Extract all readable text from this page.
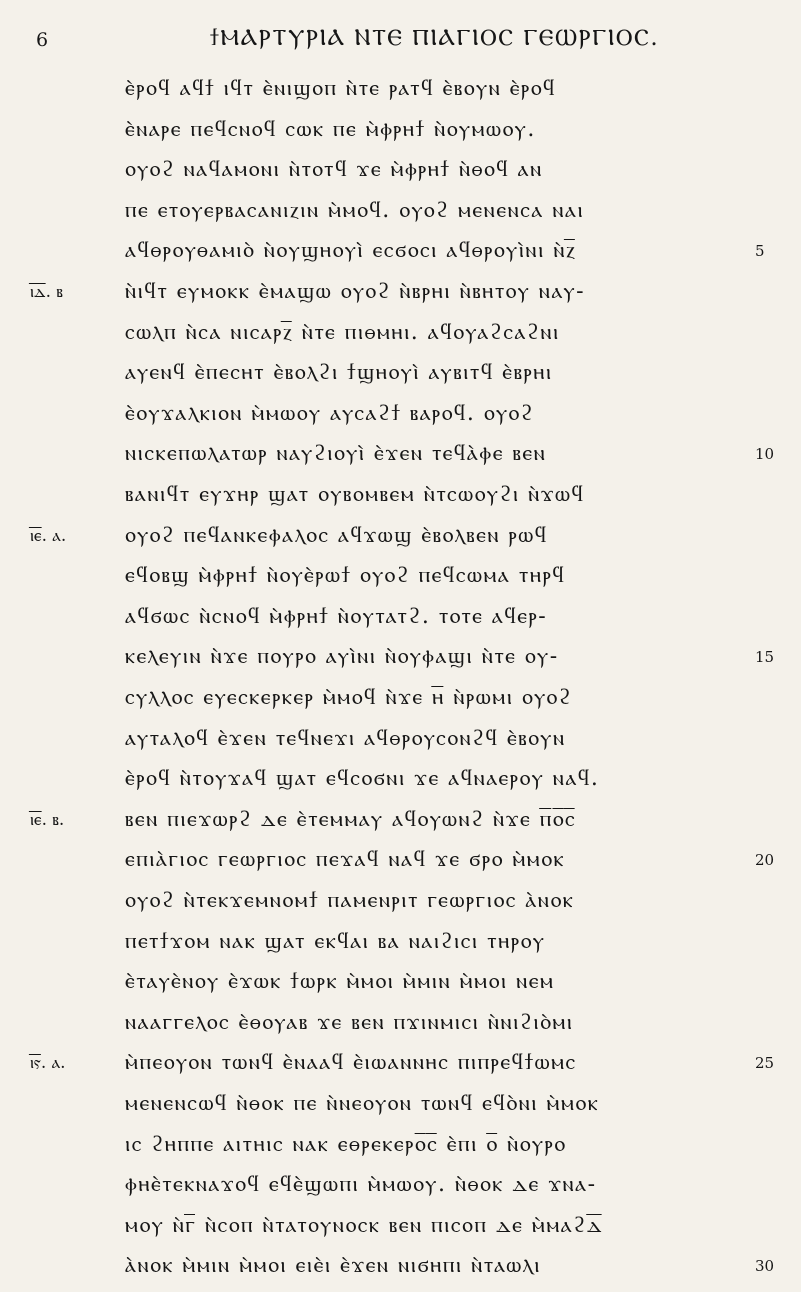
6	ϯⲘⲀⲢⲦⲨⲢⲒⲀ ⲚⲦⲈ ⲠⲒⲀⲄⲒⲞⲤ ⲄⲈⲰⲢⲄⲒⲞⲤ.
ⲉ̀ⲣⲟϥ ⲁϥϯ ⲓϥⲧ ⲉ̀ⲛⲓϣⲟⲡ ⲛ̀ⲧⲉ ⲣⲁⲧϥ ⲉ̀ⲃⲟⲩⲛ ⲉ̀ⲣⲟϥ
ⲉ̀ⲛⲁⲣⲉ ⲡⲉϥⲥⲛⲟϥ ⲥⲱⲕ ⲡⲉ ⲙ̀ⲫⲣⲏϯ ⲛ̀ⲟⲩⲙⲱⲟⲩ.
ⲟⲩⲟϩ ⲛⲁϥⲁⲙⲟⲛⲓ ⲛ̀ⲧⲟⲧϥ ϫⲉ ⲙ̀ⲫⲣⲏϯ ⲛ̀ⲑⲟϥ ⲁⲛ
ⲡⲉ ⲉⲧⲟⲩⲉⲣⲃⲁⲥⲁⲛⲓⲍⲓⲛ ⲙ̀ⲙⲟϥ. ⲟⲩⲟϩ ⲙⲉⲛⲉⲛⲥⲁ ⲛⲁⲓ
ⲁϥⲑⲣⲟⲩⲑⲁⲙⲓⲟ̀ ⲛ̀ⲟⲩϣⲏⲟⲩⲓ̀ ⲉⲥϭⲟⲥⲓ ⲁϥⲑⲣⲟⲩⲓ̀ⲛⲓ ⲛ̀ⲍ̅	5
ⲓ̅ⲇ̅. ⲃ	ⲛ̀ⲓϥⲧ ⲉⲩⲙⲟⲕⲕ ⲉ̀ⲙⲁϣⲱ ⲟⲩⲟϩ ⲛ̀ⲃⲣⲏⲓ ⲛ̀ⲃⲏⲧⲟⲩ ⲛⲁⲩ-
ⲥⲱⲗⲡ ⲛ̀ⲥⲁ ⲛⲓⲥⲁⲣⲍ̅ ⲛ̀ⲧⲉ ⲡⲓⲑⲙⲏⲓ. ⲁϥⲟⲩⲁϩⲥⲁϩⲛⲓ
ⲁⲩⲉⲛϥ ⲉ̀ⲡⲉⲥⲏⲧ ⲉ̀ⲃⲟⲗϩⲓ ϯϣⲏⲟⲩⲓ̀ ⲁⲩⲃⲓⲧϥ ⲉ̀ⲃⲣⲏⲓ
ⲉ̀ⲟⲩϫⲁⲗⲕⲓⲟⲛ ⲙ̀ⲙⲱⲟⲩ ⲁⲩⲥⲁϩϯ ⲃⲁⲣⲟϥ. ⲟⲩⲟϩ
ⲛⲓⲥⲕⲉⲡⲱⲗⲁⲧⲱⲣ ⲛⲁⲩϩⲓⲟⲩⲓ̀ ⲉ̀ϫⲉⲛ ⲧⲉϥⲁ̀ⲫⲉ ⲃⲉⲛ	10
ⲃⲁⲛⲓϥⲧ ⲉⲩϫⲏⲣ ϣⲁⲧ ⲟⲩⲃⲟⲙⲃⲉⲙ ⲛ̀ⲧⲥⲱⲟⲩϩⲓ ⲛ̀ϫⲱϥ
ⲓ̅ⲉ̅. ⲁ.	ⲟⲩⲟϩ ⲡⲉϥⲁⲛⲕⲉⲫⲁⲗⲟⲥ ⲁϥϫⲱϣ ⲉ̀ⲃⲟⲗⲃⲉⲛ ⲣⲱϥ
ⲉϥⲟⲃϣ ⲙ̀ⲫⲣⲏϯ ⲛ̀ⲟⲩⲉ̀ⲣⲱϯ ⲟⲩⲟϩ ⲡⲉϥⲥⲱⲙⲁ ⲧⲏⲣϥ
ⲁϥϭⲱⲥ ⲛ̀ⲥⲛⲟϥ ⲙ̀ⲫⲣⲏϯ ⲛ̀ⲟⲩⲧⲁⲧϩ. ⲧⲟⲧⲉ ⲁϥⲉⲣ-
ⲕⲉⲗⲉⲩⲓⲛ ⲛ̀ϫⲉ ⲡⲟⲩⲣⲟ ⲁⲩⲓ̀ⲛⲓ ⲛ̀ⲟⲩⲫⲁϣⲓ ⲛ̀ⲧⲉ ⲟⲩ-	15
ⲥⲩⲗⲗⲟⲥ ⲉⲩⲉⲥⲕⲉⲣⲕⲉⲣ ⲙ̀ⲙⲟϥ ⲛ̀ϫⲉ ⲏ̅ ⲛ̀ⲣⲱⲙⲓ ⲟⲩⲟϩ
ⲁⲩⲧⲁⲗⲟϥ ⲉ̀ϫⲉⲛ ⲧⲉϥⲛⲉϫⲓ ⲁϥⲑⲣⲟⲩⲥⲟⲛϩϥ ⲉ̀ⲃⲟⲩⲛ
ⲉ̀ⲣⲟϥ ⲛ̀ⲧⲟⲩϫⲁϥ ϣⲁⲧ ⲉϥⲥⲟϭⲛⲓ ϫⲉ ⲁϥⲛⲁⲉⲣⲟⲩ ⲛⲁϥ.
ⲓ̅ⲉ̅. ⲃ.	ⲃⲉⲛ ⲡⲓⲉϫⲱⲣϩ ⲇⲉ ⲉ̀ⲧⲉⲙⲙⲁⲩ ⲁϥⲟⲩⲱⲛϩ ⲛ̀ϫⲉ ⲡ̅ⲟ̅ⲥ̅
ⲉⲡⲓⲁ̀ⲅⲓⲟⲥ ⲅⲉⲱⲣⲅⲓⲟⲥ ⲡⲉϫⲁϥ ⲛⲁϥ ϫⲉ ϭⲣⲟ ⲙ̀ⲙⲟⲕ	20
ⲟⲩⲟϩ ⲛ̀ⲧⲉⲕϫⲉⲙⲛⲟⲙϯ ⲡⲁⲙⲉⲛⲣⲓⲧ ⲅⲉⲱⲣⲅⲓⲟⲥ ⲁ̀ⲛⲟⲕ
ⲡⲉⲧϯϫⲟⲙ ⲛⲁⲕ ϣⲁⲧ ⲉⲕϥⲁⲓ ⲃⲁ ⲛⲁⲓϩⲓⲥⲓ ⲧⲏⲣⲟⲩ
ⲉ̀ⲧⲁⲩⲉ̀ⲛⲟⲩ ⲉ̀ϫⲱⲕ ϯⲱⲣⲕ ⲙ̀ⲙⲟⲓ ⲙ̀ⲙⲓⲛ ⲙ̀ⲙⲟⲓ ⲛⲉⲙ
ⲛⲁⲁⲅⲅⲉⲗⲟⲥ ⲉ̀ⲑⲟⲩⲁⲃ ϫⲉ ⲃⲉⲛ ⲡϫⲓⲛⲙⲓⲥⲓ ⲛ̀ⲛⲓϩⲓⲟ̀ⲙⲓ
ⲓ̅ⲋ̅. ⲁ.	ⲙ̀ⲡⲉⲟⲩⲟⲛ ⲧⲱⲛϥ ⲉ̀ⲛⲁⲁϥ ⲉ̀ⲓⲱⲁⲛⲛⲏⲥ ⲡⲓⲡⲣⲉϥϯⲱⲙⲥ	25
ⲙⲉⲛⲉⲛⲥⲱϥ ⲛ̀ⲑⲟⲕ ⲡⲉ ⲛ̀ⲛⲉⲟⲩⲟⲛ ⲧⲱⲛϥ ⲉϥⲟ̀ⲛⲓ ⲙ̀ⲙⲟⲕ
ⲓⲥ ϩⲏⲡⲡⲉ ⲁⲓⲧⲏⲓⲥ ⲛⲁⲕ ⲉⲑⲣⲉⲕⲉⲣⲟ̅ⲥ̅ ⲉ̀ⲡⲓ ⲟ̅ ⲛ̀ⲟⲩⲣⲟ
ⲫⲏⲉ̀ⲧⲉⲕⲛⲁϫⲟϥ ⲉϥⲉ̀ϣⲱⲡⲓ ⲙ̀ⲙⲱⲟⲩ. ⲛ̀ⲑⲟⲕ ⲇⲉ ϫⲛⲁ-
ⲙⲟⲩ ⲛ̀ⲅ̅ ⲛ̀ⲥⲟⲡ ⲛ̀ⲧⲁⲧⲟⲩⲛⲟⲥⲕ ⲃⲉⲛ ⲡⲓⲥⲟⲡ ⲇⲉ ⲙ̀ⲙⲁϩⲇ̅
ⲁ̀ⲛⲟⲕ ⲙ̀ⲙⲓⲛ ⲙ̀ⲙⲟⲓ ⲉⲓⲉ̀ⲓ ⲉ̀ϫⲉⲛ ⲛⲓϭⲏⲡⲓ ⲛ̀ⲧⲁⲱⲗⲓ	30
